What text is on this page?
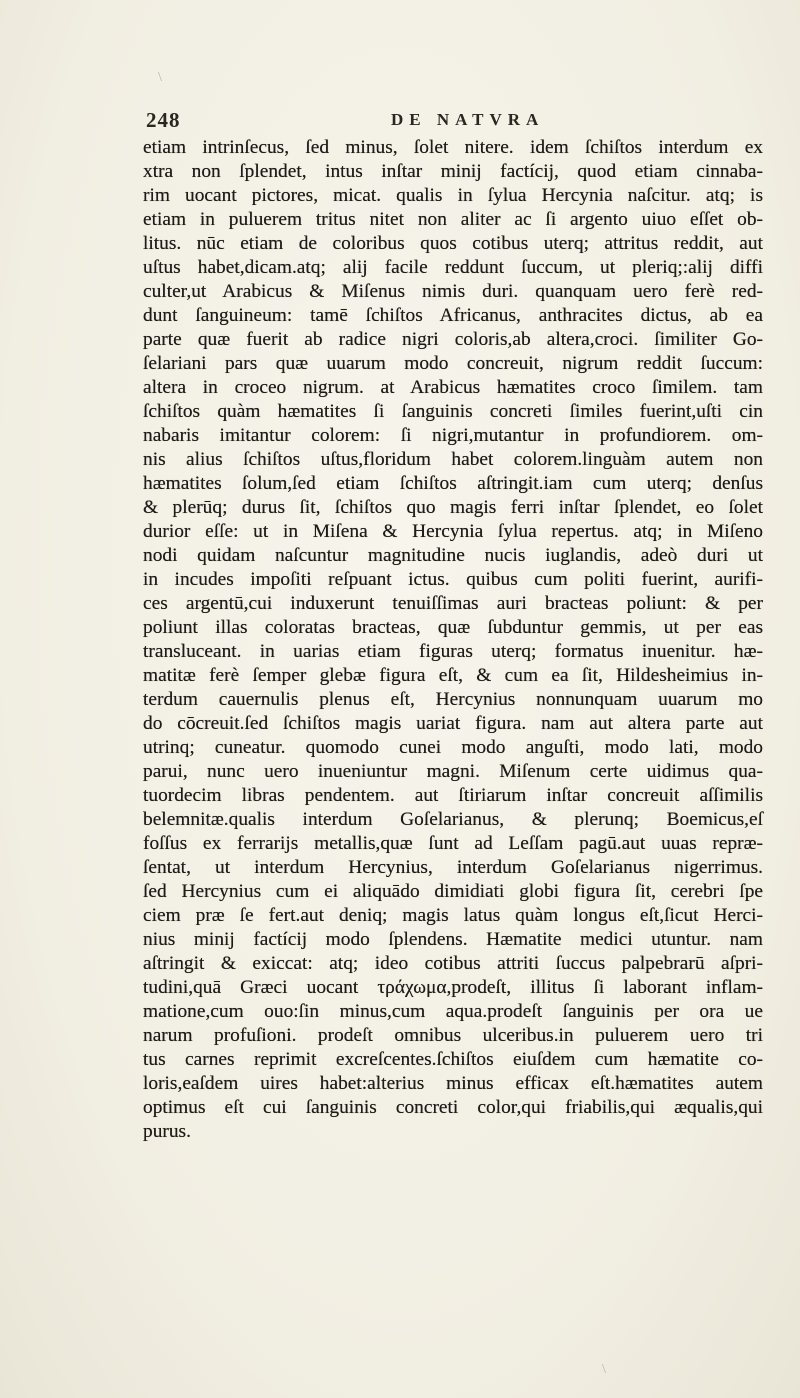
\
\
248	DE NATVRA
etiam intrinſecus, ſed minus, ſolet nitere. idem ſchiſtos interdum ex
xtra non ſplendet, intus inſtar minij factícij, quod etiam cinnaba-
rim uocant pictores, micat. qualis in ſylua Hercynia naſcitur. atq; is
etiam in puluerem tritus nitet non aliter ac ſi argento uiuo eſſet ob-
litus. nūc etiam de coloribus quos cotibus uterq; attritus reddit, aut
uſtus habet,dicam.atq; alij facile reddunt ſuccum, ut pleriq;:alij diffi
culter,ut Arabicus & Miſenus nimis duri. quanquam uero ferè red-
dunt ſanguineum: tamē ſchiſtos Africanus, anthracites dictus, ab ea
parte quæ fuerit ab radice nigri coloris,ab altera,croci. ſimiliter Go-
ſelariani pars quæ uuarum modo concreuit, nigrum reddit ſuccum:
altera in croceo nigrum. at Arabicus hæmatites croco ſimilem. tam
ſchiſtos quàm hæmatites ſi ſanguinis concreti ſimiles fuerint,uſti cin
nabaris imitantur colorem: ſi nigri,mutantur in profundiorem. om-
nis alius ſchiſtos uſtus,floridum habet colorem.linguàm autem non
hæmatites ſolum,ſed etiam ſchiſtos aſtringit.iam cum uterq; denſus
& plerūq; durus ſit, ſchiſtos quo magis ferri inſtar ſplendet, eo ſolet
durior eſſe: ut in Miſena & Hercynia ſylua repertus. atq; in Miſeno
nodi quidam naſcuntur magnitudine nucis iuglandis, adeò duri ut
in incudes impoſiti reſpuant ictus. quibus cum politi fuerint, aurifi-
ces argentū,cui induxerunt tenuiſſimas auri bracteas poliunt: & per
poliunt illas coloratas bracteas, quæ ſubduntur gemmis, ut per eas
transluceant. in uarias etiam figuras uterq; formatus inuenitur. hæ-
matitæ ferè ſemper glebæ figura eſt, & cum ea ſit, Hildesheimius in-
terdum cauernulis plenus eſt, Hercynius nonnunquam uuarum mo
do cōcreuit.ſed ſchiſtos magis uariat figura. nam aut altera parte aut
utrinq; cuneatur. quomodo cunei modo anguſti, modo lati, modo
parui, nunc uero inueniuntur magni. Miſenum certe uidimus qua-
tuordecim libras pendentem. aut ſtiriarum inſtar concreuit aſſimilis
belemnitæ.qualis interdum Goſelarianus, & plerunq; Boemicus,eſ
foſſus ex ferrarijs metallis,quæ ſunt ad Leſſam pagū.aut uuas repræ-
ſentat, ut interdum Hercynius, interdum Goſelarianus nigerrimus.
ſed Hercynius cum ei aliquādo dimidiati globi figura ſit, cerebri ſpe
ciem præ ſe fert.aut deniq; magis latus quàm longus eſt,ſicut Herci-
nius minij factícij modo ſplendens. Hæmatite medici utuntur. nam
aſtringit & exiccat: atq; ideo cotibus attriti ſuccus palpebrarū aſpri-
tudini,quā Græci uocant τράχωμα,prodeſt, illitus ſi laborant inflam-
matione,cum ouo:ſin minus,cum aqua.prodeſt ſanguinis per ora ue
narum profuſioni. prodeſt omnibus ulceribus.in puluerem uero tri
tus carnes reprimit excreſcentes.ſchiſtos eiuſdem cum hæmatite co-
loris,eaſdem uires habet:alterius minus efficax eſt.hæmatites autem
optimus eſt cui ſanguinis concreti color,qui friabilis,qui æqualis,qui
purus.
